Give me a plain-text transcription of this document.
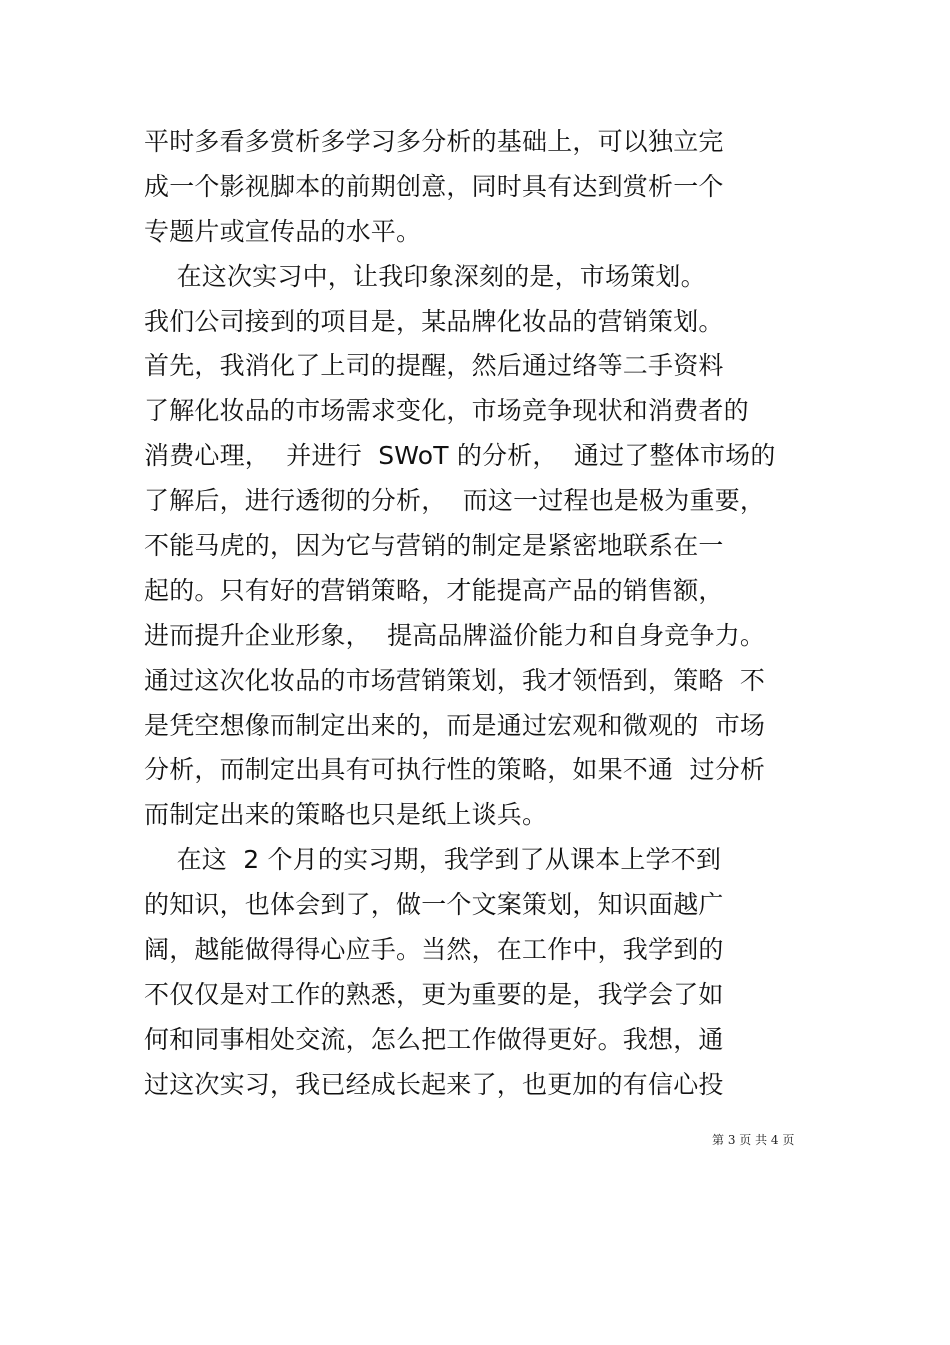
平时多看多赏析多学习多分析的基础上，可以独立完
成一个影视脚本的前期创意，同时具有达到赏析一个
专题片或宣传品的水平。
在这次实习中，让我印象深刻的是，市场策划。
我们公司接到的项目是，某品牌化妆品的营销策划。
首先，我消化了上司的提醒，然后通过络等二手资料
了解化妆品的市场需求变化，市场竞争现状和消费者的
消费心理，  并进行  SWoT 的分析，  通过了整体市场的
了解后，进行透彻的分析，  而这一过程也是极为重要，
不能马虎的，因为它与营销的制定是紧密地联系在一
起的。只有好的营销策略，才能提高产品的销售额，
进而提升企业形象，  提高品牌溢价能力和自身竞争力。
通过这次化妆品的市场营销策划，我才领悟到，策略  不
是凭空想像而制定出来的，而是通过宏观和微观的  市场
分析，而制定出具有可执行性的策略，如果不通  过分析
而制定出来的策略也只是纸上谈兵。
在这  2 个月的实习期，我学到了从课本上学不到
的知识，也体会到了，做一个文案策划，知识面越广
阔，越能做得得心应手。当然，在工作中，我学到的
不仅仅是对工作的熟悉，更为重要的是，我学会了如
何和同事相处交流，怎么把工作做得更好。我想，通
过这次实习，我已经成长起来了，也更加的有信心投
第 3 页 共 4 页
